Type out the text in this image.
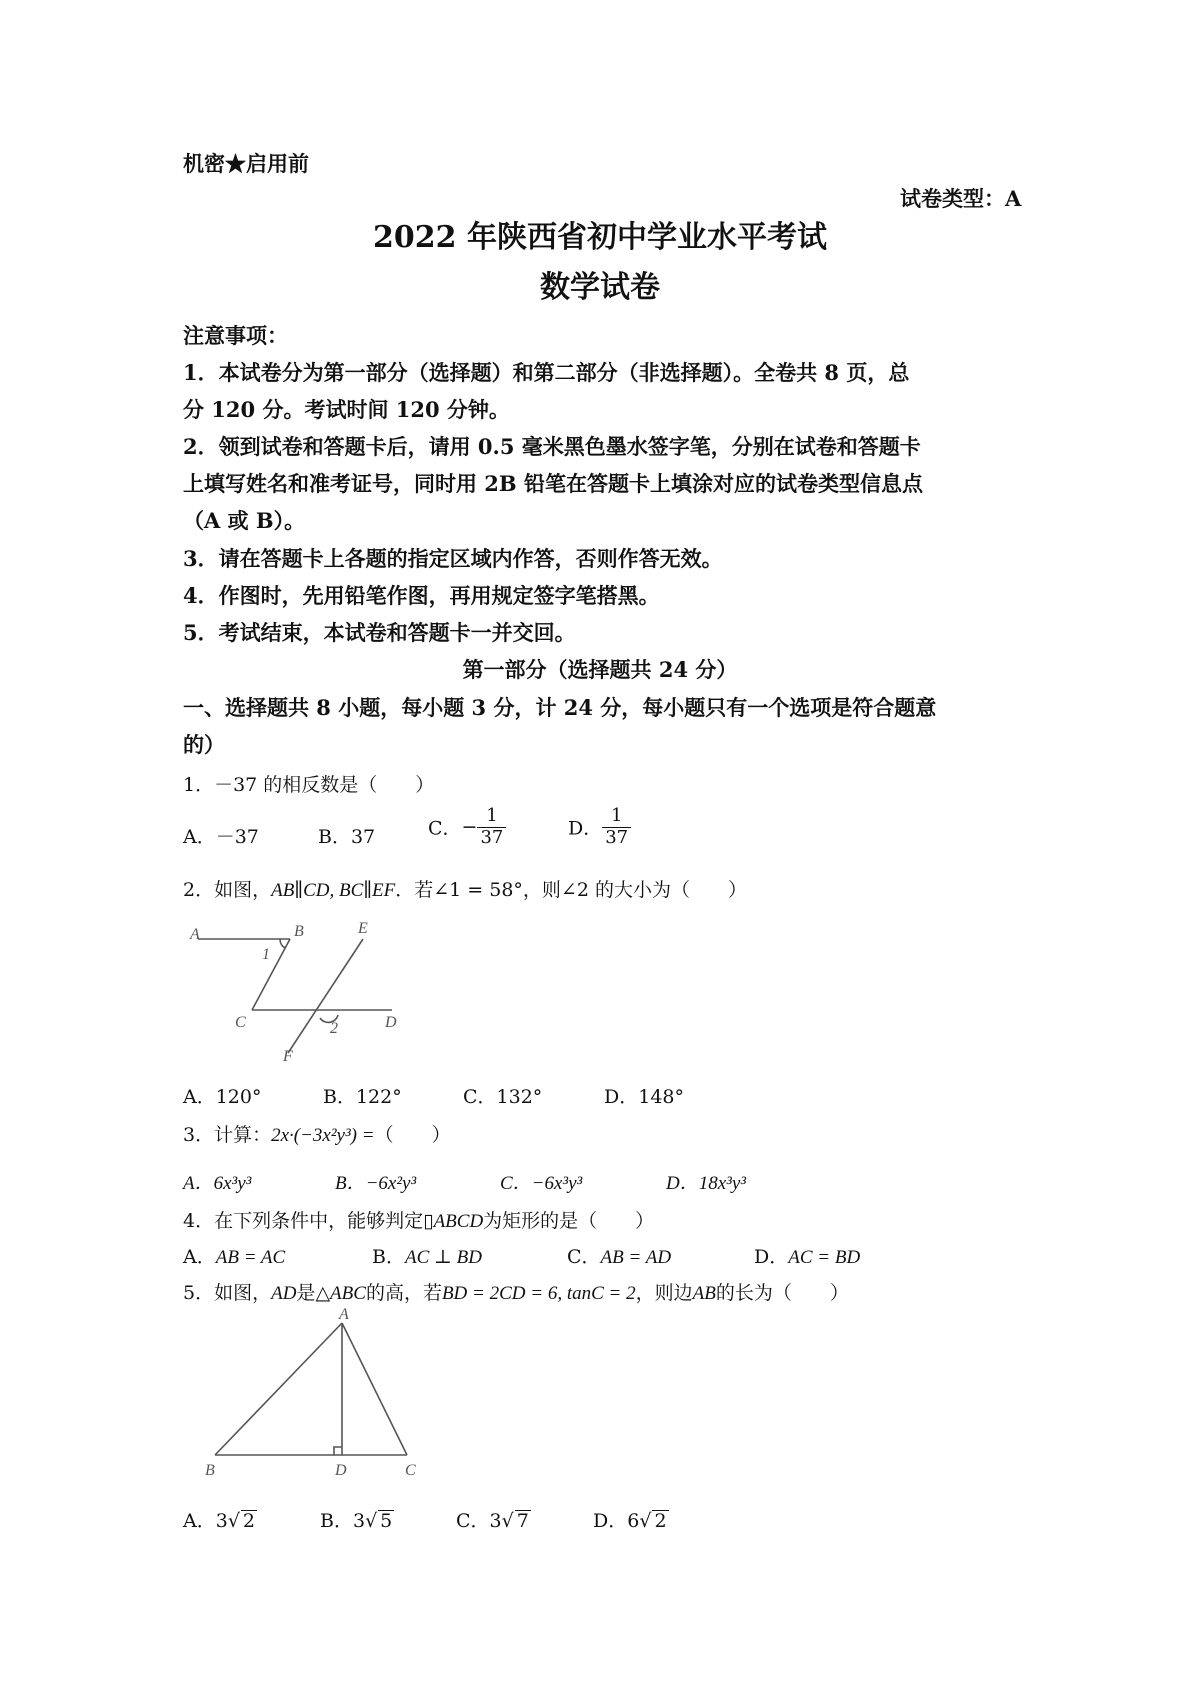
机密★启用前
试卷类型：A
2022 年陕西省初中学业水平考试
数学试卷
注意事项：
1．本试卷分为第一部分（选择题）和第二部分（非选择题）。全卷共 8 页，总
分 120 分。考试时间 120 分钟。
2．领到试卷和答题卡后，请用 0.5 毫米黑色墨水签字笔，分别在试卷和答题卡
上填写姓名和准考证号，同时用 2B 铅笔在答题卡上填涂对应的试卷类型信息点
（A 或 B）。
3．请在答题卡上各题的指定区域内作答，否则作答无效。
4．作图时，先用铅笔作图，再用规定签字笔搭黑。
5．考试结束，本试卷和答题卡一并交回。
第一部分（选择题共 24 分）
一、选择题共 8 小题，每小题 3 分，计 24 分，每小题只有一个选项是符合题意
的）
1．－37 的相反数是（　　）
A．－37	B．37	C．− $\frac{1}{37}$	D． $\frac{1}{37}$
2．如图，AB∥CD, BC∥EF．若∠1 = 58°，则∠2 的大小为（　　）
A	B	E
1
C	2	D
F
A．120°	B．122°	C．132°	D．148°
3．计算：2x·(−3x²y³) =（　　）
A．6x³y³	B．−6x²y³	C．−6x³y³	D．18x³y³
4．在下列条件中，能够判定▯ABCD为矩形的是（　　）
A．AB = AC	B．AC ⊥ BD	C．AB = AD	D．AC = BD
5．如图，AD是△ABC的高，若BD = 2CD = 6, tanC = 2，则边AB的长为（　　）
A
B	D	C
A．3√ 2	B．3√ 5	C．3√ 7	D．6√ 2
